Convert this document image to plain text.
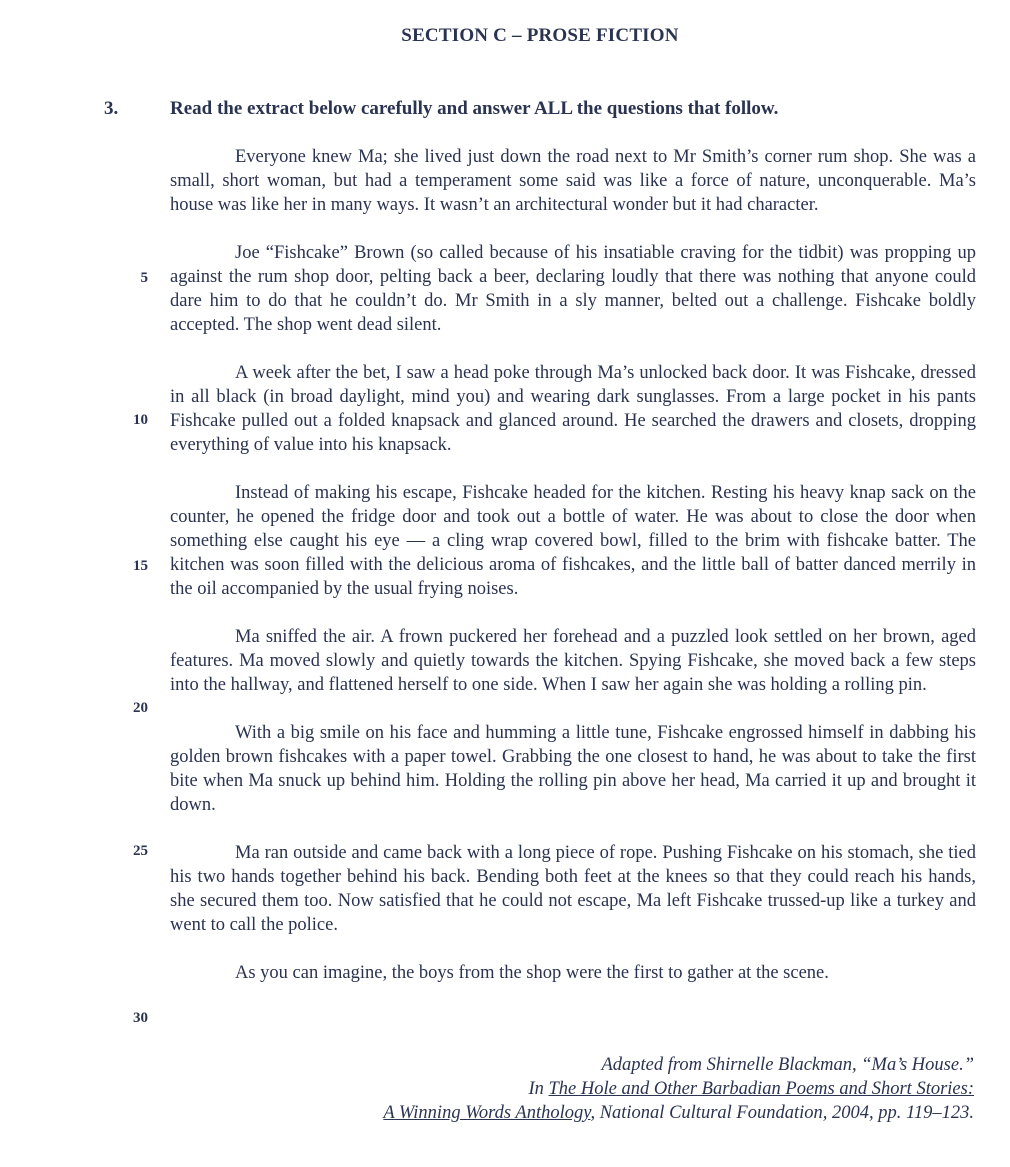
SECTION C – PROSE FICTION
3.	Read the extract below carefully and answer ALL the questions that follow.

Everyone knew Ma; she lived just down the road next to Mr Smith’s corner rum shop. She was a small, short woman, but had a temperament some said was like a force of nature, unconquerable. Ma’s house was like her in many ways. It wasn’t an architectural wonder but it had character.

Joe “Fishcake” Brown (so called because of his insatiable craving for the tidbit) was propping up against the rum shop door, pelting back a beer, declaring loudly that there was nothing that anyone could dare him to do that he couldn’t do. Mr Smith in a sly manner, belted out a challenge. Fishcake boldly accepted. The shop went dead silent.

A week after the bet, I saw a head poke through Ma’s unlocked back door. It was Fishcake, dressed in all black (in broad daylight, mind you) and wearing dark sunglasses. From a large pocket in his pants Fishcake pulled out a folded knapsack and glanced around. He searched the drawers and closets, dropping everything of value into his knapsack.

Instead of making his escape, Fishcake headed for the kitchen. Resting his heavy knap sack on the counter, he opened the fridge door and took out a bottle of water. He was about to close the door when something else caught his eye — a cling wrap covered bowl, filled to the brim with fishcake batter. The kitchen was soon filled with the delicious aroma of fishcakes, and the little ball of batter danced merrily in the oil accompanied by the usual frying noises.

Ma sniffed the air. A frown puckered her forehead and a puzzled look settled on her brown, aged features. Ma moved slowly and quietly towards the kitchen. Spying Fishcake, she moved back a few steps into the hallway, and flattened herself to one side. When I saw her again she was holding a rolling pin.

With a big smile on his face and humming a little tune, Fishcake engrossed himself in dabbing his golden brown fishcakes with a paper towel. Grabbing the one closest to hand, he was about to take the first bite when Ma snuck up behind him. Holding the rolling pin above her head, Ma carried it up and brought it down.

Ma ran outside and came back with a long piece of rope. Pushing Fishcake on his stomach, she tied his two hands together behind his back. Bending both feet at the knees so that they could reach his hands, she secured them too. Now satisfied that he could not escape, Ma left Fishcake trussed-up like a turkey and went to call the police.

As you can imagine, the boys from the shop were the first to gather at the scene.

5
10
15
20
25
30
Adapted from Shirnelle Blackman, “Ma’s House.”
In The Hole and Other Barbadian Poems and Short Stories:
A Winning Words Anthology, National Cultural Foundation, 2004, pp. 119–123.
